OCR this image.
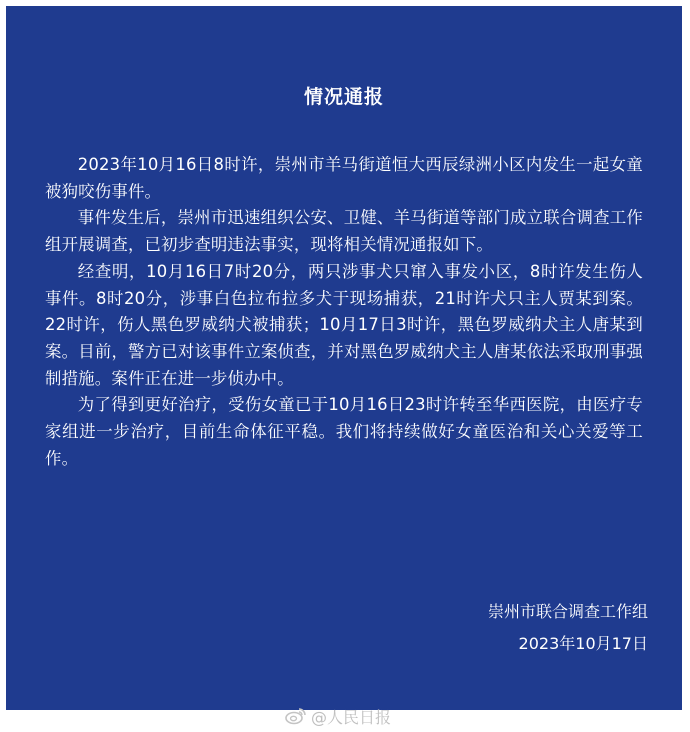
情况通报

2023年10月16日8时许，崇州市羊马街道恒大西辰绿洲小区内发生一起女童被狗咬伤事件。

事件发生后，崇州市迅速组织公安、卫健、羊马街道等部门成立联合调查工作组开展调查，已初步查明违法事实，现将相关情况通报如下。

经查明，10月16日7时20分，两只涉事犬只窜入事发小区，8时许发生伤人事件。8时20分，涉事白色拉布拉多犬于现场捕获，21时许犬只主人贾某到案。22时许，伤人黑色罗威纳犬被捕获；10月17日3时许，黑色罗威纳犬主人唐某到案。目前，警方已对该事件立案侦查，并对黑色罗威纳犬主人唐某依法采取刑事强制措施。案件正在进一步侦办中。

为了得到更好治疗，受伤女童已于10月16日23时许转至华西医院，由医疗专家组进一步治疗，目前生命体征平稳。我们将持续做好女童医治和关心关爱等工作。

崇州市联合调查工作组
2023年10月17日
@人民日报
